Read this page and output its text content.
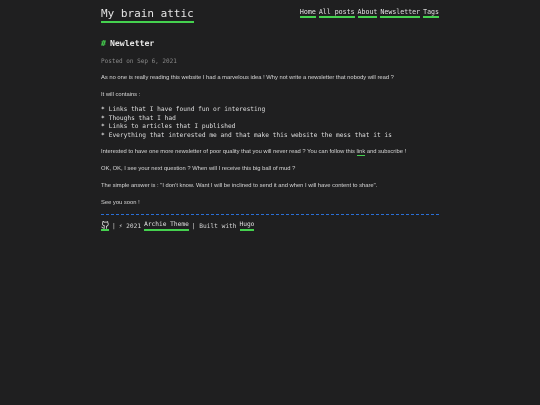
My brain attic	Home All posts About Newsletter Tags
# Newletter
Posted on Sep 6, 2021

As no one is really reading this website I had a marvelous idea ! Why not write a newsletter that nobody will read ?

It will contains :

* Links that I have found fun or interesting
* Thoughs that I had
* Links to articles that I published
* Everything that interested me and that make this website the mess that it is

Interested to have one more newsletter of poor quality that you will never read ? You can follow this link and subscribe !

OK, OK, I see your next question ? When will I receive this big ball of mud ?

The simple answer is : "I don't know. Want I will be inclined to send it and when I will have content to share".

See you soon !

| ⚡ 2021 Archie Theme | Built with Hugo
